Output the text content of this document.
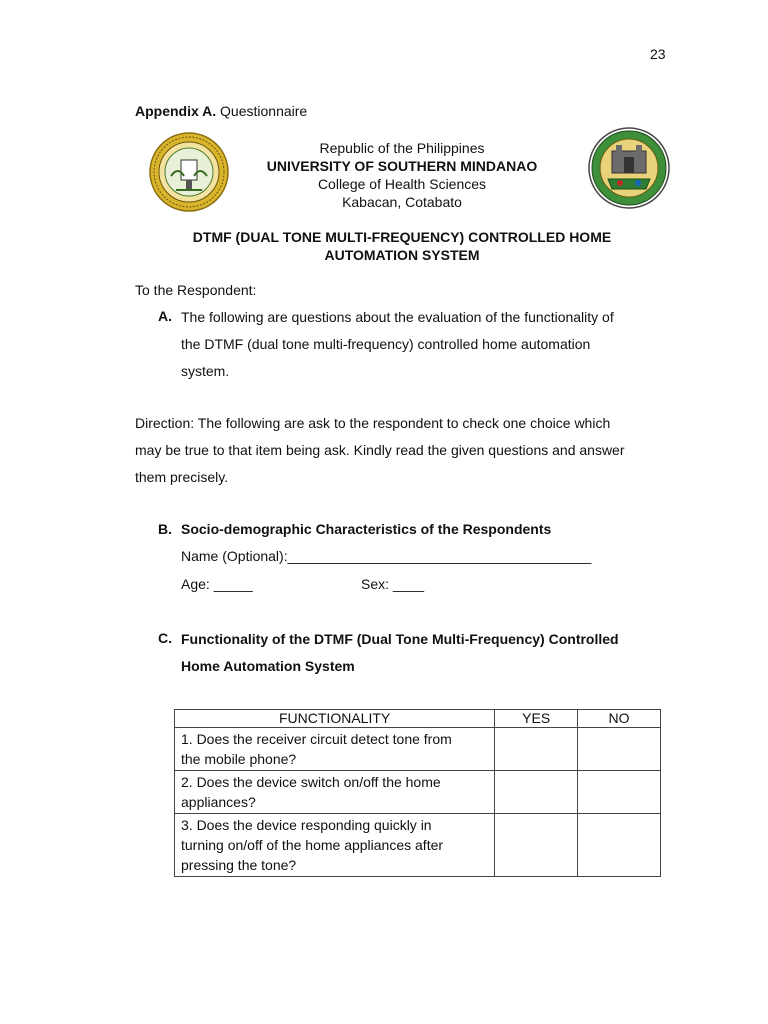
23
Appendix A. Questionnaire
Republic of the Philippines
UNIVERSITY OF SOUTHERN MINDANAO
College of Health Sciences
Kabacan, Cotabato
DTMF (DUAL TONE MULTI-FREQUENCY) CONTROLLED HOME
AUTOMATION SYSTEM
To the Respondent:
A. The following are questions about the evaluation of the functionality of
the DTMF (dual tone multi-frequency) controlled home automation
system.
Direction: The following are ask to the respondent to check one choice which
may be true to that item being ask. Kindly read the given questions and answer
them precisely.
B. Socio-demographic Characteristics of the Respondents
Name (Optional):_______________________________________
Age: _____	Sex: ____
C. Functionality of the DTMF (Dual Tone Multi-Frequency) Controlled
Home Automation System
FUNCTIONALITY	YES	NO

1. Does the receiver circuit detect tone from
the mobile phone?		

2. Does the device switch on/off the home
appliances?		

3. Does the device responding quickly in
turning on/off of the home appliances after
pressing the tone?		
